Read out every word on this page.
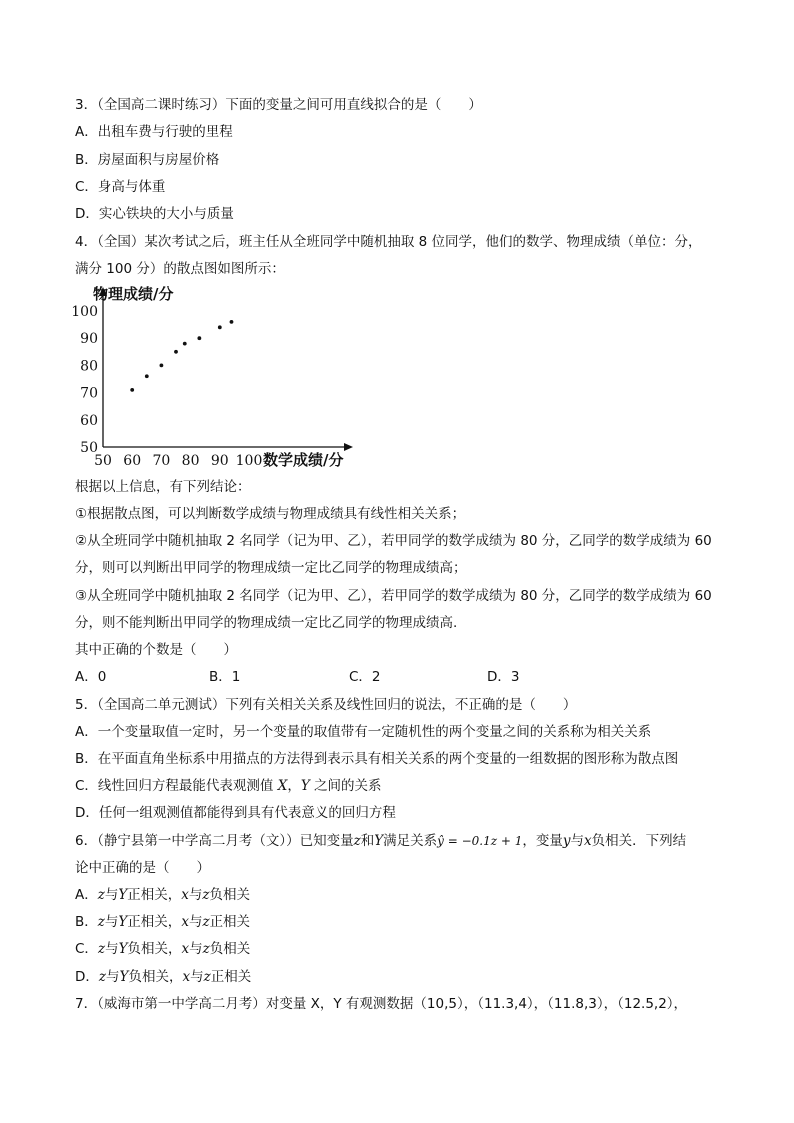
3．（全国高二课时练习）下面的变量之间可用直线拟合的是（　　）
A．出租车费与行驶的里程
B．房屋面积与房屋价格
C．身高与体重
D．实心铁块的大小与质量
4．（全国）某次考试之后，班主任从全班同学中随机抽取 8 位同学，他们的数学、物理成绩（单位：分，
满分 100 分）的散点图如图所示：
50
60
70
80
90
100
50 60 70 80 90 100
物理成绩/分
数学成绩/分
根据以上信息，有下列结论：
①根据散点图，可以判断数学成绩与物理成绩具有线性相关关系；
②从全班同学中随机抽取 2 名同学（记为甲、乙），若甲同学的数学成绩为 80 分，乙同学的数学成绩为 60
分，则可以判断出甲同学的物理成绩一定比乙同学的物理成绩高；
③从全班同学中随机抽取 2 名同学（记为甲、乙），若甲同学的数学成绩为 80 分，乙同学的数学成绩为 60
分，则不能判断出甲同学的物理成绩一定比乙同学的物理成绩高.
其中正确的个数是（　　）
A．0	B．1	C．2	D．3
5．（全国高二单元测试）下列有关相关关系及线性回归的说法，不正确的是（　　）
A．一个变量取值一定时，另一个变量的取值带有一定随机性的两个变量之间的关系称为相关关系
B．在平面直角坐标系中用描点的方法得到表示具有相关关系的两个变量的一组数据的图形称为散点图
C．线性回归方程最能代表观测值 X，Y 之间的关系
D．任何一组观测值都能得到具有代表意义的回归方程
6．（静宁县第一中学高二月考（文））已知变量z和Y满足关系ŷ = −0.1z + 1，变量y与x负相关．下列结
论中正确的是（　　）
A．z与Y正相关，x与z负相关
B．z与Y正相关，x与z正相关
C．z与Y负相关，x与z负相关
D．z与Y负相关，x与z正相关
7．（威海市第一中学高二月考）对变量 X，Y 有观测数据（10,5），（11.3,4），（11.8,3），（12.5,2），
